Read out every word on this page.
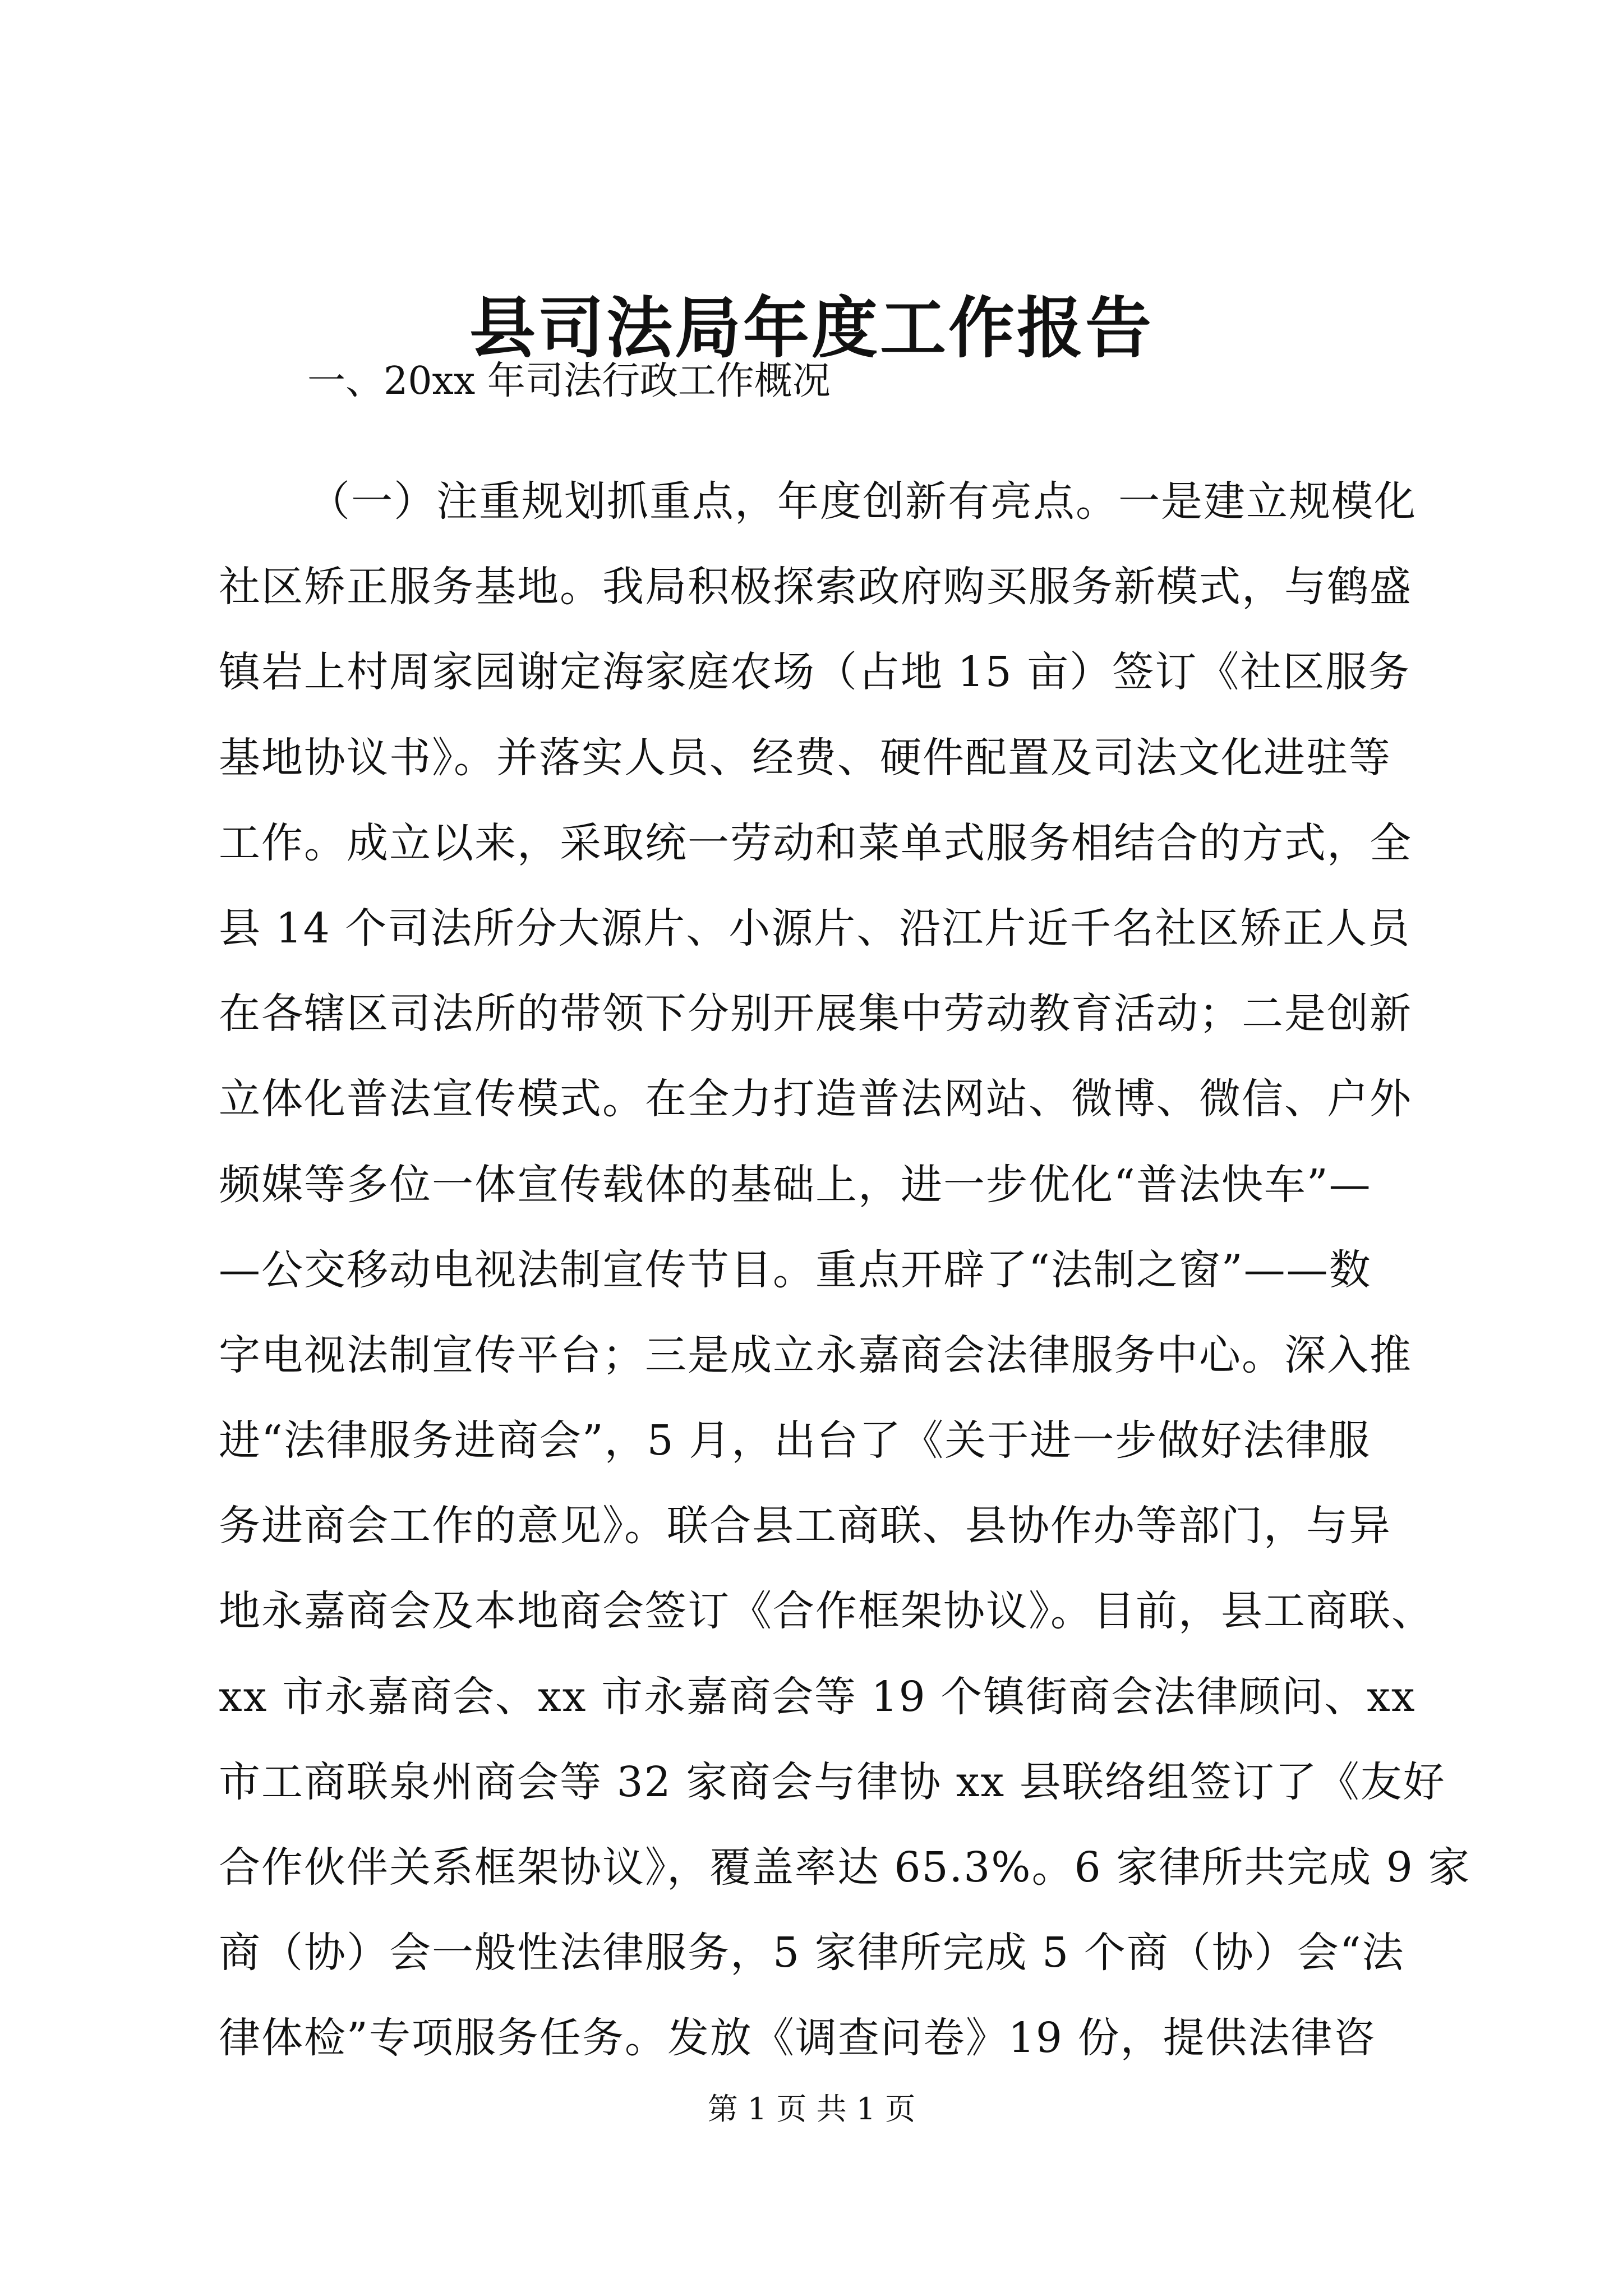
县司法局年度工作报告

一、20xx 年司法行政工作概况

（一）注重规划抓重点，年度创新有亮点。一是建立规模化
社区矫正服务基地。我局积极探索政府购买服务新模式，与鹤盛
镇岩上村周家园谢定海家庭农场（占地 15 亩）签订《社区服务
基地协议书》。并落实人员、经费、硬件配置及司法文化进驻等
工作。成立以来，采取统一劳动和菜单式服务相结合的方式，全
县 14 个司法所分大源片、小源片、沿江片近千名社区矫正人员
在各辖区司法所的带领下分别开展集中劳动教育活动；二是创新
立体化普法宣传模式。在全力打造普法网站、微博、微信、户外
频媒等多位一体宣传载体的基础上，进一步优化“普法快车”—
—公交移动电视法制宣传节目。重点开辟了“法制之窗”——数
字电视法制宣传平台；三是成立永嘉商会法律服务中心。深入推
进“法律服务进商会”，5 月，出台了《关于进一步做好法律服
务进商会工作的意见》。联合县工商联、县协作办等部门，与异
地永嘉商会及本地商会签订《合作框架协议》。目前，县工商联、
xx 市永嘉商会、xx 市永嘉商会等 19 个镇街商会法律顾问、xx
市工商联泉州商会等 32 家商会与律协 xx 县联络组签订了《友好
合作伙伴关系框架协议》，覆盖率达 65.3%。6 家律所共完成 9 家
商（协）会一般性法律服务，5 家律所完成 5 个商（协）会“法
律体检”专项服务任务。发放《调查问卷》19 份，提供法律咨
第 1 页 共 1 页
